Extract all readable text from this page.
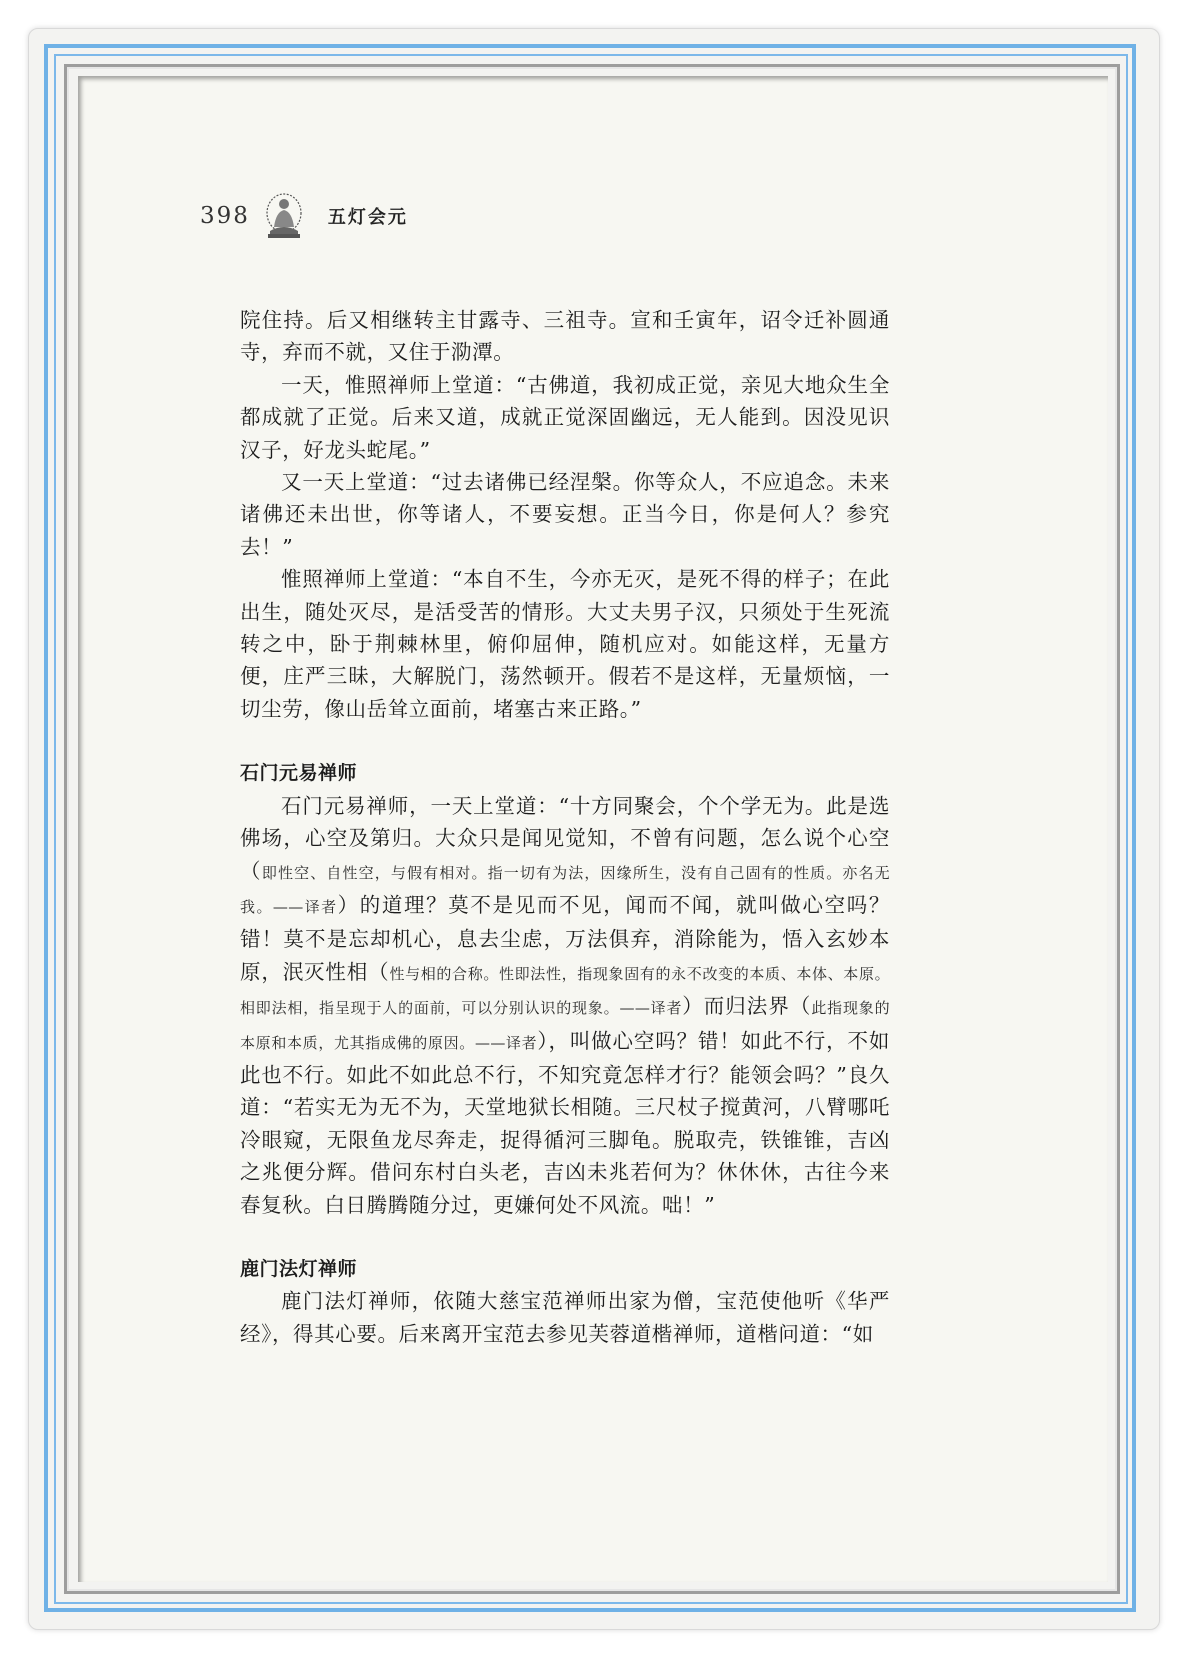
398	五灯会元

院住持。后又相继转主甘露寺、三祖寺。宣和壬寅年，诏令迁补圆通寺，弃而不就，又住于泐潭。

一天，惟照禅师上堂道：“古佛道，我初成正觉，亲见大地众生全都成就了正觉。后来又道，成就正觉深固幽远，无人能到。因没见识汉子，好龙头蛇尾。”

又一天上堂道：“过去诸佛已经涅槃。你等众人，不应追念。未来诸佛还未出世，你等诸人，不要妄想。正当今日，你是何人？参究去！”

惟照禅师上堂道：“本自不生，今亦无灭，是死不得的样子；在此出生，随处灭尽，是活受苦的情形。大丈夫男子汉，只须处于生死流转之中，卧于荆棘林里，俯仰屈伸，随机应对。如能这样，无量方便，庄严三昧，大解脱门，荡然顿开。假若不是这样，无量烦恼，一切尘劳，像山岳耸立面前，堵塞古来正路。”

石门元易禅师

石门元易禅师，一天上堂道：“十方同聚会，个个学无为。此是选佛场，心空及第归。大众只是闻见觉知，不曾有问题，怎么说个心空（即性空、自性空，与假有相对。指一切有为法，因缘所生，没有自己固有的性质。亦名无我。——译者）的道理？莫不是见而不见，闻而不闻，就叫做心空吗？错！莫不是忘却机心，息去尘虑，万法俱弃，消除能为，悟入玄妙本原，泯灭性相（性与相的合称。性即法性，指现象固有的永不改变的本质、本体、本原。相即法相，指呈现于人的面前，可以分别认识的现象。——译者）而归法界（此指现象的本原和本质，尤其指成佛的原因。——译者），叫做心空吗？错！如此不行，不如此也不行。如此不如此总不行，不知究竟怎样才行？能领会吗？”良久道：“若实无为无不为，天堂地狱长相随。三尺杖子搅黄河，八臂哪吒冷眼窥，无限鱼龙尽奔走，捉得循河三脚龟。脱取壳，铁锥锥，吉凶之兆便分辉。借问东村白头老，吉凶未兆若何为？休休休，古往今来春复秋。白日腾腾随分过，更嫌何处不风流。咄！”

鹿门法灯禅师

鹿门法灯禅师，依随大慈宝范禅师出家为僧，宝范使他听《华严经》，得其心要。后来离开宝范去参见芙蓉道楷禅师，道楷问道：“如
